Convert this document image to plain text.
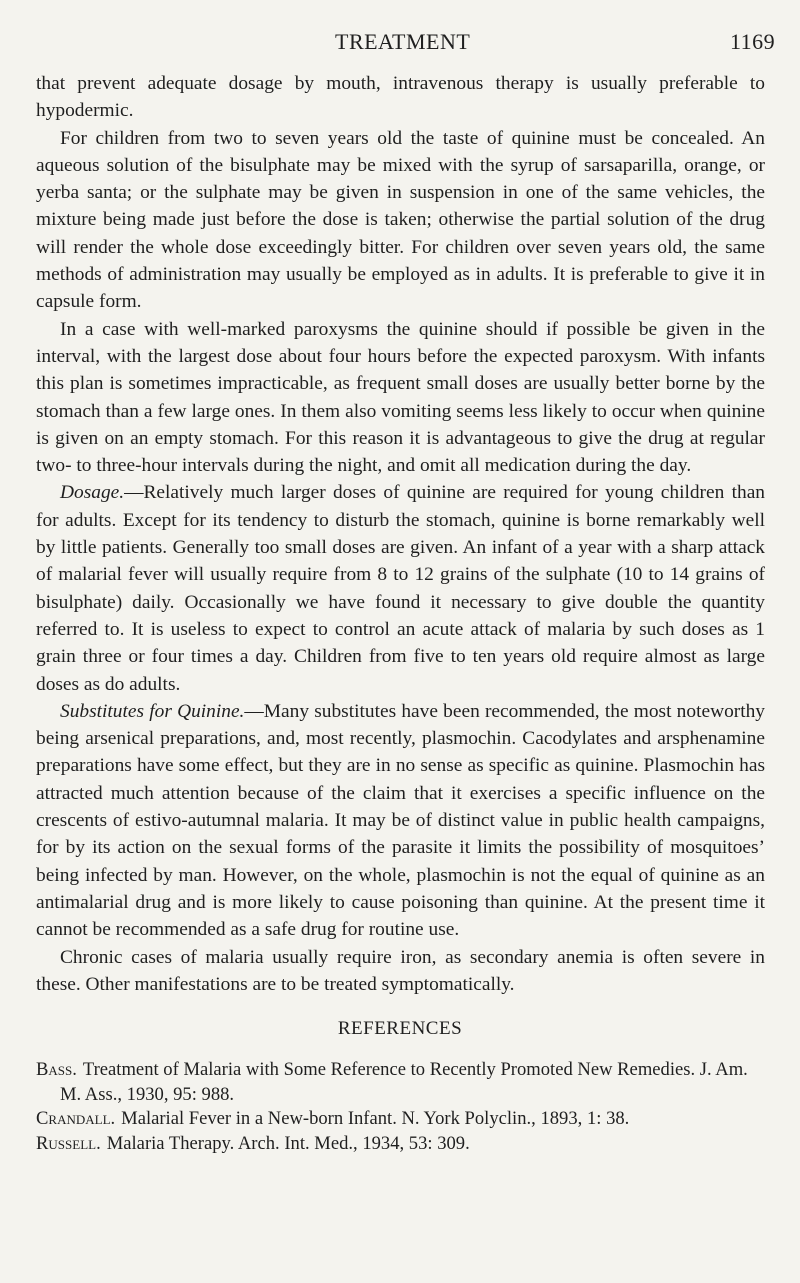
TREATMENT	1169

that prevent adequate dosage by mouth, intravenous therapy is usually preferable to hypodermic.

For children from two to seven years old the taste of quinine must be concealed. An aqueous solution of the bisulphate may be mixed with the syrup of sarsaparilla, orange, or yerba santa; or the sulphate may be given in suspension in one of the same vehicles, the mixture being made just before the dose is taken; otherwise the partial solution of the drug will render the whole dose exceedingly bitter. For children over seven years old, the same methods of administration may usually be employed as in adults. It is preferable to give it in capsule form.

In a case with well-marked paroxysms the quinine should if possible be given in the interval, with the largest dose about four hours before the expected paroxysm. With infants this plan is sometimes impracticable, as frequent small doses are usually better borne by the stomach than a few large ones. In them also vomiting seems less likely to occur when quinine is given on an empty stomach. For this reason it is advantageous to give the drug at regular two- to three-hour intervals during the night, and omit all medication during the day.

Dosage.—Relatively much larger doses of quinine are required for young children than for adults. Except for its tendency to disturb the stomach, quinine is borne remarkably well by little patients. Generally too small doses are given. An infant of a year with a sharp attack of malarial fever will usually require from 8 to 12 grains of the sulphate (10 to 14 grains of bisulphate) daily. Occasionally we have found it necessary to give double the quantity referred to. It is useless to expect to control an acute attack of malaria by such doses as 1 grain three or four times a day. Children from five to ten years old require almost as large doses as do adults.

Substitutes for Quinine.—Many substitutes have been recommended, the most noteworthy being arsenical preparations, and, most recently, plasmochin. Cacodylates and arsphenamine preparations have some effect, but they are in no sense as specific as quinine. Plasmochin has attracted much attention because of the claim that it exercises a specific influence on the crescents of estivo-autumnal malaria. It may be of distinct value in public health campaigns, for by its action on the sexual forms of the parasite it limits the possibility of mosquitoes’ being infected by man. However, on the whole, plasmochin is not the equal of quinine as an antimalarial drug and is more likely to cause poisoning than quinine. At the present time it cannot be recommended as a safe drug for routine use.

Chronic cases of malaria usually require iron, as secondary anemia is often severe in these. Other manifestations are to be treated symptomatically.

REFERENCES

Bass. Treatment of Malaria with Some Reference to Recently Promoted New Remedies. J. Am. M. Ass., 1930, 95: 988.

Crandall. Malarial Fever in a New-born Infant. N. York Polyclin., 1893, 1: 38.

Russell. Malaria Therapy. Arch. Int. Med., 1934, 53: 309.
